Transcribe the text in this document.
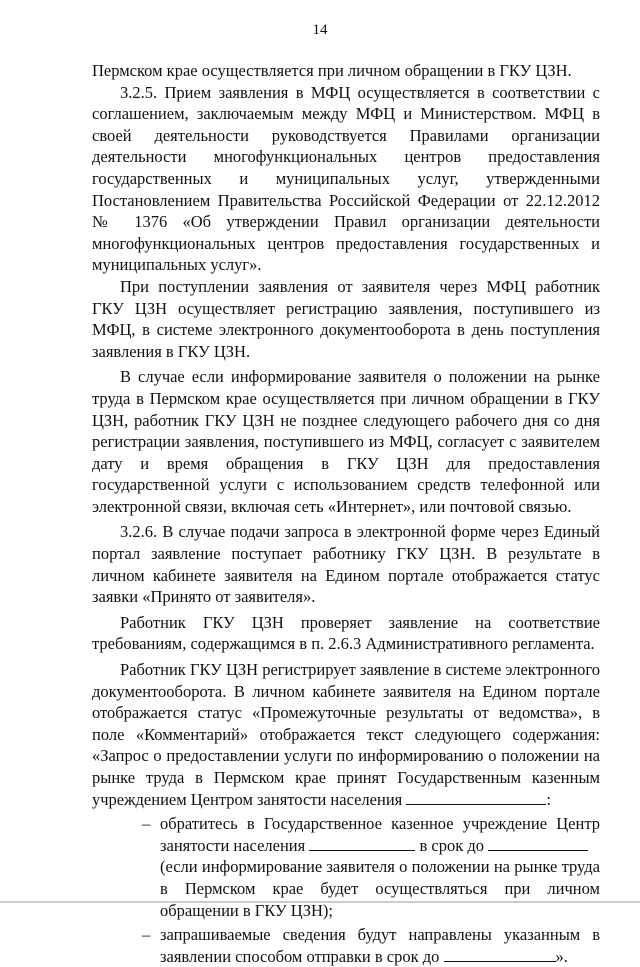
14

Пермском крае осуществляется при личном обращении в ГКУ ЦЗН.

3.2.5. Прием заявления в МФЦ осуществляется в соответствии с соглашением, заключаемым между МФЦ и Министерством. МФЦ в своей деятельности руководствуется Правилами организации деятельности многофункциональных центров предоставления государственных и муниципальных услуг, утвержденными Постановлением Правительства Российской Федерации от 22.12.2012 № 1376 «Об утверждении Правил организации деятельности многофункциональных центров предоставления государственных и муниципальных услуг».

При поступлении заявления от заявителя через МФЦ работник ГКУ ЦЗН осуществляет регистрацию заявления, поступившего из МФЦ, в системе электронного документооборота в день поступления заявления в ГКУ ЦЗН.

В случае если информирование заявителя о положении на рынке труда в Пермском крае осуществляется при личном обращении в ГКУ ЦЗН, работник ГКУ ЦЗН не позднее следующего рабочего дня со дня регистрации заявления, поступившего из МФЦ, согласует с заявителем дату и время обращения в ГКУ ЦЗН для предоставления государственной услуги с использованием средств телефонной или электронной связи, включая сеть «Интернет», или почтовой связью.

3.2.6. В случае подачи запроса в электронной форме через Единый портал заявление поступает работнику ГКУ ЦЗН. В результате в личном кабинете заявителя на Едином портале отображается статус заявки «Принято от заявителя».

Работник ГКУ ЦЗН проверяет заявление на соответствие требованиям, содержащимся в п. 2.6.3 Административного регламента.

Работник ГКУ ЦЗН регистрирует заявление в системе электронного документооборота. В личном кабинете заявителя на Едином портале отображается статус «Промежуточные результаты от ведомства», в поле «Комментарий» отображается текст следующего содержания: «Запрос о предоставлении услуги по информированию о положении на рынке труда в Пермском крае принят Государственным казенным учреждением Центром занятости населения	:

– обратитесь в Государственное казенное учреждение Центр занятости населения	в срок до
(если информирование заявителя о положении на рынке труда в Пермском крае будет осуществляться при личном обращении в ГКУ ЦЗН);
– запрашиваемые сведения будут направлены указанным в заявлении способом отправки в срок до	».
